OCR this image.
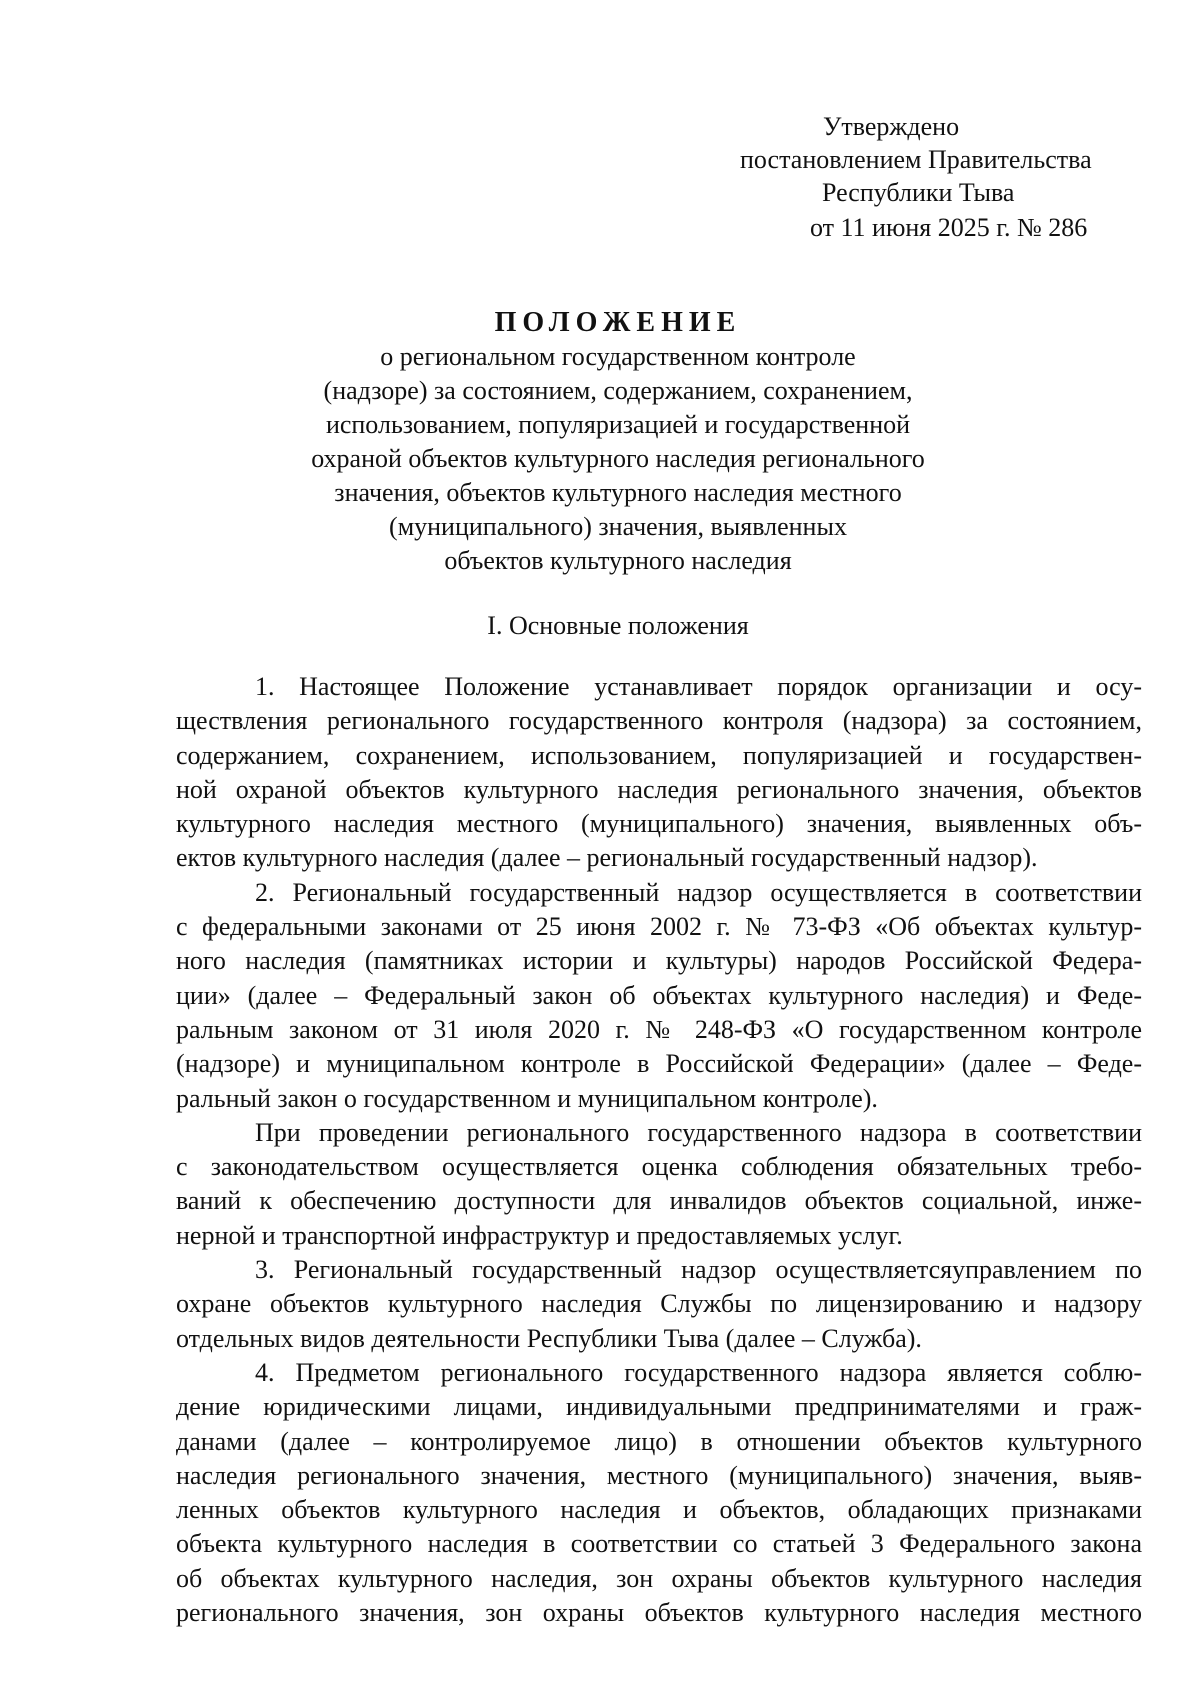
Утверждено
постановлением Правительства
Республики Тыва
от 11 июня 2025 г. № 286
ПОЛОЖЕНИЕ
о региональном государственном контроле
(надзоре) за состоянием, содержанием, сохранением,
использованием, популяризацией и государственной
охраной объектов культурного наследия регионального
значения, объектов культурного наследия местного
(муниципального) значения, выявленных
объектов культурного наследия
I. Основные положения
1. Настоящее Положение устанавливает порядок организации и осу-
ществления регионального государственного контроля (надзора) за состоянием,
содержанием, сохранением, использованием, популяризацией и государствен-
ной охраной объектов культурного наследия регионального значения, объектов
культурного наследия местного (муниципального) значения, выявленных объ-
ектов культурного наследия (далее – региональный государственный надзор).
2. Региональный государственный надзор осуществляется в соответствии
с федеральными законами от 25 июня 2002 г. № 73-ФЗ «Об объектах культур-
ного наследия (памятниках истории и культуры) народов Российской Федера-
ции» (далее – Федеральный закон об объектах культурного наследия) и Феде-
ральным законом от 31 июля 2020 г. № 248-ФЗ «О государственном контроле
(надзоре) и муниципальном контроле в Российской Федерации» (далее – Феде-
ральный закон о государственном и муниципальном контроле).
При проведении регионального государственного надзора в соответствии
с законодательством осуществляется оценка соблюдения обязательных требо-
ваний к обеспечению доступности для инвалидов объектов социальной, инже-
нерной и транспортной инфраструктур и предоставляемых услуг.
3. Региональный государственный надзор осуществляетсяуправлением по
охране объектов культурного наследия Службы по лицензированию и надзору
отдельных видов деятельности Республики Тыва (далее – Служба).
4. Предметом регионального государственного надзора является соблю-
дение юридическими лицами, индивидуальными предпринимателями и граж-
данами (далее – контролируемое лицо) в отношении объектов культурного
наследия регионального значения, местного (муниципального) значения, выяв-
ленных объектов культурного наследия и объектов, обладающих признаками
объекта культурного наследия в соответствии со статьей 3 Федерального закона
об объектах культурного наследия, зон охраны объектов культурного наследия
регионального значения, зон охраны объектов культурного наследия местного
